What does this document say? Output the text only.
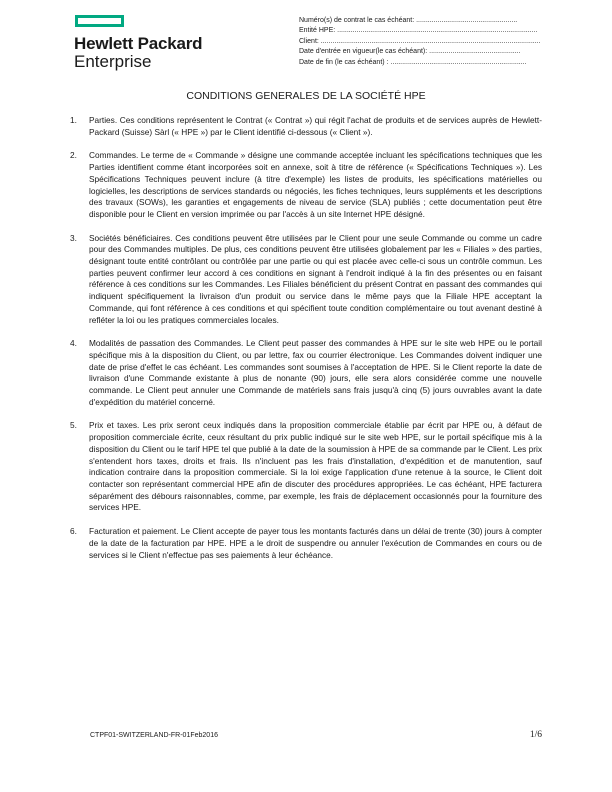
Hewlett Packard
Enterprise
Numéro(s) de contrat le cas échéant: ....................................................
Entité HPE: .......................................................................................................
Client: .................................................................................................................
Date d'entrée en vigueur(le cas échéant): ...............................................
Date de fin (le cas échéant) : ......................................................................
CONDITIONS GENERALES DE LA SOCIÉTÉ HPE
1.	Parties. Ces conditions représentent le Contrat (« Contrat ») qui régit l'achat de produits et de services auprès de Hewlett-Packard (Suisse) Sàrl (« HPE ») par le Client identifié ci-dessous (« Client »).
2.	Commandes. Le terme de « Commande » désigne une commande acceptée incluant les spécifications techniques que les Parties identifient comme étant incorporées soit en annexe, soit à titre de référence (« Spécifications Techniques »). Les Spécifications Techniques peuvent inclure (à titre d'exemple) les listes de produits, les spécifications matérielles ou logicielles, les descriptions de services standards ou négociés, les fiches techniques, leurs suppléments et les descriptions des travaux (SOWs), les garanties et engagements de niveau de service (SLA) publiés ; cette documentation peut être disponible pour le Client en version imprimée ou par l'accès à un site Internet HPE désigné.
3.	Sociétés bénéficiaires. Ces conditions peuvent être utilisées par le Client pour une seule Commande ou comme un cadre pour des Commandes multiples. De plus, ces conditions peuvent être utilisées globalement par les « Filiales » des parties, désignant toute entité contrôlant ou contrôlée par une partie ou qui est placée avec celle-ci sous un contrôle commun. Les parties peuvent confirmer leur accord à ces conditions en signant à l'endroit indiqué à la fin des présentes ou en faisant référence à ces conditions sur les Commandes. Les Filiales bénéficient du présent Contrat en passant des commandes qui indiquent spécifiquement la livraison d'un produit ou service dans le même pays que la Filiale HPE acceptant la Commande, qui font référence à ces conditions et qui spécifient toute condition complémentaire ou tout avenant destiné à refléter la loi ou les pratiques commerciales locales.
4.	Modalités de passation des Commandes. Le Client peut passer des commandes à HPE sur le site web HPE ou le portail spécifique mis à la disposition du Client, ou par lettre, fax ou courrier électronique. Les Commandes doivent indiquer une date de prise d'effet le cas échéant. Les commandes sont soumises à l'acceptation de HPE. Si le Client reporte la date de livraison d'une Commande existante à plus de nonante (90) jours, elle sera alors considérée comme une nouvelle commande. Le Client peut annuler une Commande de matériels sans frais jusqu'à cinq (5) jours ouvrables avant la date d'expédition du matériel concerné.
5.	Prix et taxes. Les prix seront ceux indiqués dans la proposition commerciale établie par écrit par HPE ou, à défaut de proposition commerciale écrite, ceux résultant du prix public indiqué sur le site web HPE, sur le portail spécifique mis à la disposition du Client ou le tarif HPE tel que publié à la date de la soumission à HPE de sa commande par le Client. Les prix s'entendent hors taxes, droits et frais. Ils n'incluent pas les frais d'installation, d'expédition et de manutention, sauf indication contraire dans la proposition commerciale. Si la loi exige l'application d'une retenue à la source, le Client doit contacter son représentant commercial HPE afin de discuter des procédures appropriées. Le cas échéant, HPE facturera séparément des débours raisonnables, comme, par exemple, les frais de déplacement occasionnés pour la fourniture des services HPE.
6.	Facturation et paiement. Le Client accepte de payer tous les montants facturés dans un délai de trente (30) jours à compter de la date de la facturation par HPE. HPE a le droit de suspendre ou annuler l'exécution de Commandes en cours ou de services si le Client n'effectue pas ses paiements à leur échéance.
CTPF01-SWITZERLAND-FR-01Feb2016	1/6
